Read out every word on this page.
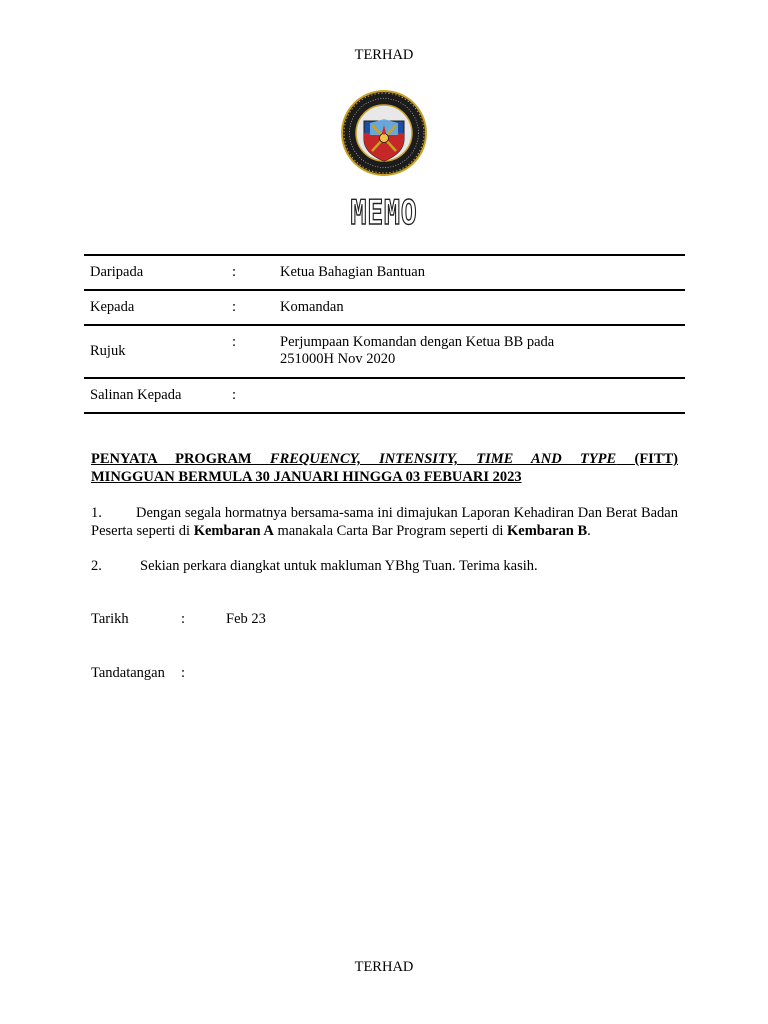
TERHAD
MEMO
Daripada	:	Ketua Bahagian Bantuan
Kepada	:	Komandan
Rujuk	:	Perjumpaan Komandan dengan Ketua BB pada
251000H Nov 2020
Salinan Kepada	:	
PENYATA PROGRAM FREQUENCY, INTENSITY, TIME AND TYPE (FITT)
MINGGUAN BERMULA 30 JANUARI HINGGA 03 FEBUARI 2023
1. Dengan segala hormatnya bersama-sama ini dimajukan Laporan Kehadiran Dan Berat Badan Peserta seperti di Kembaran A manakala Carta Bar Program seperti di Kembaran B.
2.	Sekian perkara diangkat untuk makluman YBhg Tuan. Terima kasih.
Tarikh	:	Feb 23
Tandatangan :
TERHAD
